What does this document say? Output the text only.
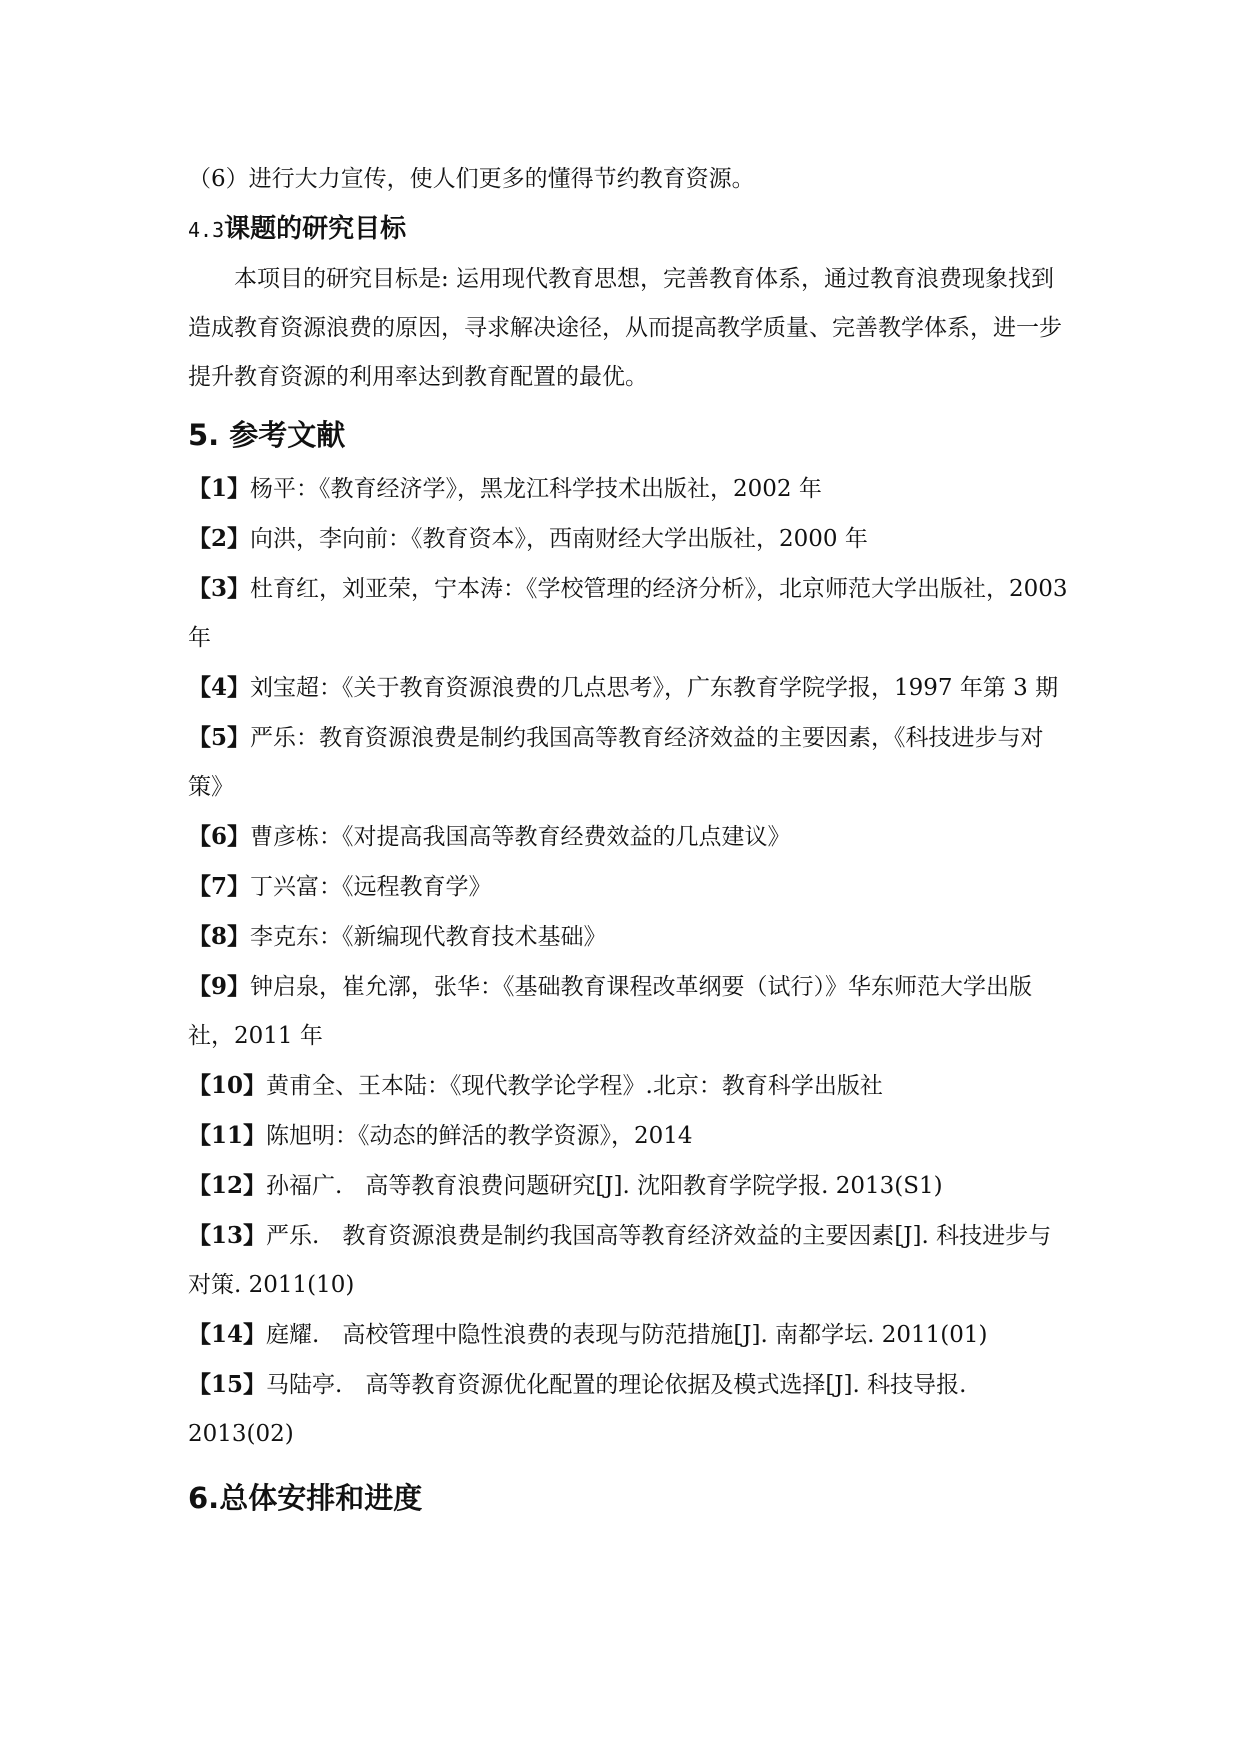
（6）进行大力宣传，使人们更多的懂得节约教育资源。
4.3课题的研究目标
本项目的研究目标是: 运用现代教育思想，完善教育体系，通过教育浪费现象找到造成教育资源浪费的原因，寻求解决途径，从而提高教学质量、完善教学体系，进一步提升教育资源的利用率达到教育配置的最优。
5. 参考文献
【1】杨平：《教育经济学》，黑龙江科学技术出版社，2002 年
【2】向洪，李向前：《教育资本》，西南财经大学出版社，2000 年
【3】杜育红，刘亚荣，宁本涛：《学校管理的经济分析》，北京师范大学出版社，2003 年
【4】刘宝超：《关于教育资源浪费的几点思考》，广东教育学院学报，1997 年第 3 期
【5】严乐：教育资源浪费是制约我国高等教育经济效益的主要因素，《科技进步与对策》
【6】曹彦栋：《对提高我国高等教育经费效益的几点建议》
【7】丁兴富：《远程教育学》
【8】李克东：《新编现代教育技术基础》
【9】钟启泉，崔允漷，张华：《基础教育课程改革纲要（试行）》华东师范大学出版社，2011 年
【10】黄甫全、王本陆：《现代教学论学程》.北京：教育科学出版社
【11】陈旭明：《动态的鲜活的教学资源》，2014
【12】孙福广.　高等教育浪费问题研究[J]. 沈阳教育学院学报. 2013(S1)
【13】严乐.　教育资源浪费是制约我国高等教育经济效益的主要因素[J]. 科技进步与对策. 2011(10)
【14】庭耀.　高校管理中隐性浪费的表现与防范措施[J]. 南都学坛. 2011(01)
【15】马陆亭.　高等教育资源优化配置的理论依据及模式选择[J]. 科技导报. 2013(02)
6.总体安排和进度
